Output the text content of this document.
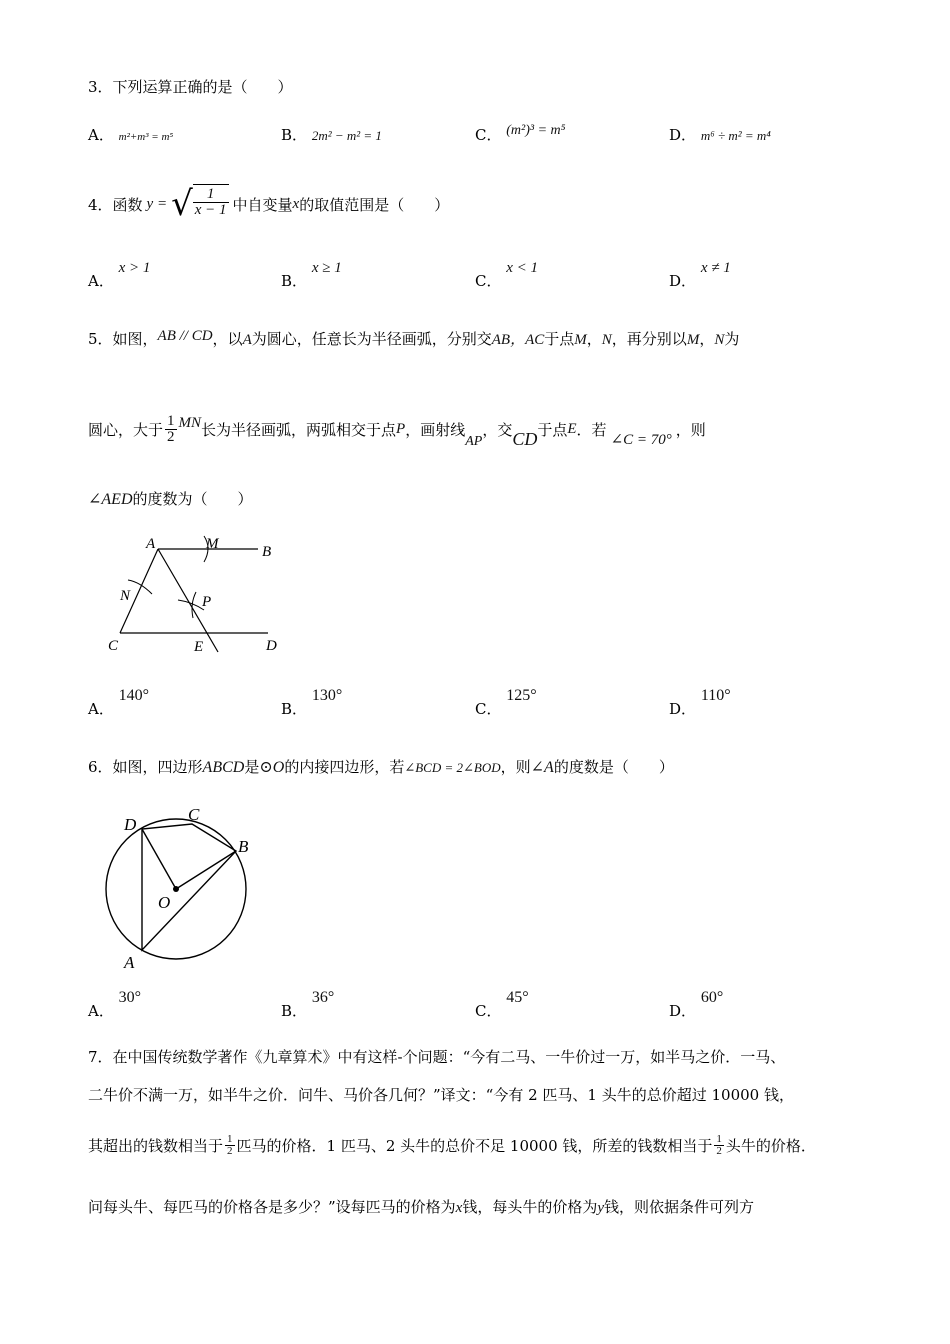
3．下列运算正确的是（　　）
A． m²+m³ = m⁵	B． 2m² − m² = 1	C． (m²)³ = m⁵	D． m⁶ ÷ m² = m⁴
4．函数 y = √ $\frac{1}{x - 1}$ 中自变量 x 的取值范围是（　　）
A． x > 1
B． x ≥ 1
C． x < 1
D． x ≠ 1
5．如图，AB // CD，以A为圆心，任意长为半径画弧，分别交AB，AC于点M，N，再分别以M，N为
圆心，大于 $\frac{1}{2}$ MN 长为半径画弧，两弧相交于点 P ，画射线
AP
，交 CD 于点 E ．若
∠C = 70°
，则
∠AED的度数为（　　）
A	M	B
N	P
C	E	D
A． 140°
B． 130°
C． 125°
D． 110°
6．如图，四边形ABCD是⊙O的内接四边形，若∠BCD = 2∠BOD，则∠A的度数是（　　）
D
C
B
O
A
A． 30°
B． 36°
C． 45°
D． 60°
7．在中国传统数学著作《九章算术》中有这样-个问题：“今有二马、一牛价过一万，如半马之价．一马、
二牛价不满一万，如半牛之价．问牛、马价各几何？”译文：“今有 2 匹马、1 头牛的总价超过 10000 钱，
其超出的钱数相当于 $\frac{1}{2}$ 匹马的价格．1 匹马、2 头牛的总价不足 10000 钱，所差的钱数相当于 $\frac{1}{2}$ 头牛的价格．
问每头牛、每匹马的价格各是多少？”设每匹马的价格为x钱，每头牛的价格为y钱，则依据条件可列方
